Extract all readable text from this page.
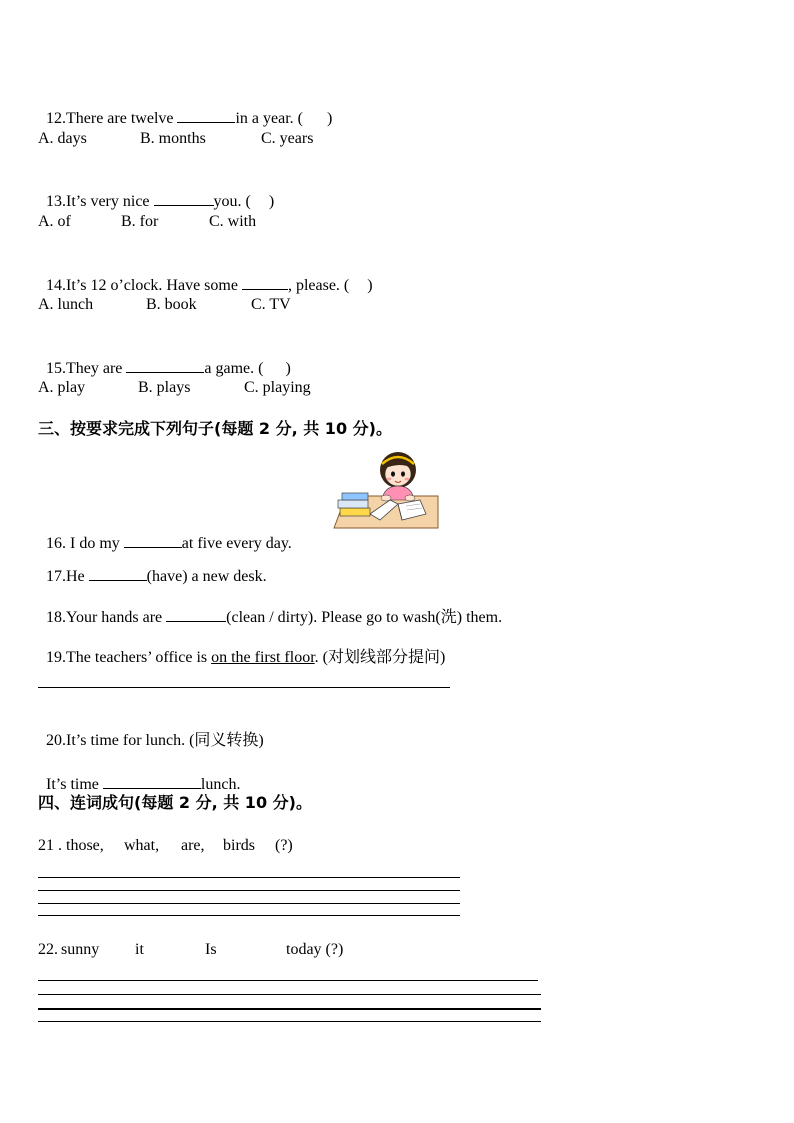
12.There are twelve	in a year. ( )

A. days	B. months	C. years

13.It’s very nice	you. ( )

A. of	B. for	C. with

14.It’s 12 o’clock. Have some	, please. ( )

A. lunch	B. book	C. TV

15.They are	a game. ( )

A. play	B. plays	C. playing
三、按要求完成下列句子(每题 2 分, 共 10 分)。

16. I do my	at five every day.

17.He	(have) a new desk.

18.Your hands are	(clean / dirty). Please go to wash(洗) them.

19.The teachers’ office is on the first floor. (对划线部分提问)

20.It’s time for lunch. (同义转换)

It’s time	lunch.

四、连词成句(每题 2 分, 共 10 分)。
21 . those, what, are, birds (?)
22. sunny it	Is	today (?)
